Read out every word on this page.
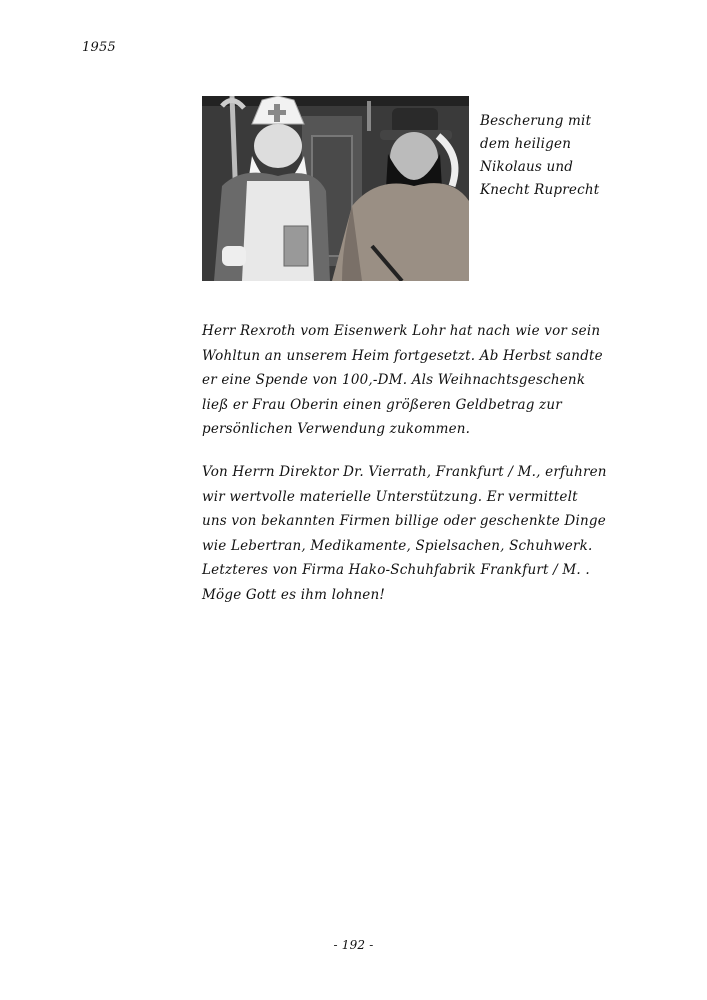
1955
Bescherung mit
dem heiligen
Nikolaus und
Knecht Ruprecht
Herr Rexroth vom Eisenwerk Lohr hat nach wie vor sein
Wohltun an unserem Heim fortgesetzt. Ab Herbst sandte
er eine Spende von 100,-DM. Als Weihnachtsgeschenk
ließ er Frau Oberin einen größeren Geldbetrag zur
persönlichen Verwendung zukommen.
Von Herrn Direktor Dr. Vierrath, Frankfurt / M., erfuhren
wir wertvolle materielle Unterstützung. Er vermittelt
uns von bekannten Firmen billige oder geschenkte Dinge
wie Lebertran, Medikamente, Spielsachen, Schuhwerk.
Letzteres von Firma Hako-Schuhfabrik Frankfurt / M. .
Möge Gott es ihm lohnen!
- 192 -
